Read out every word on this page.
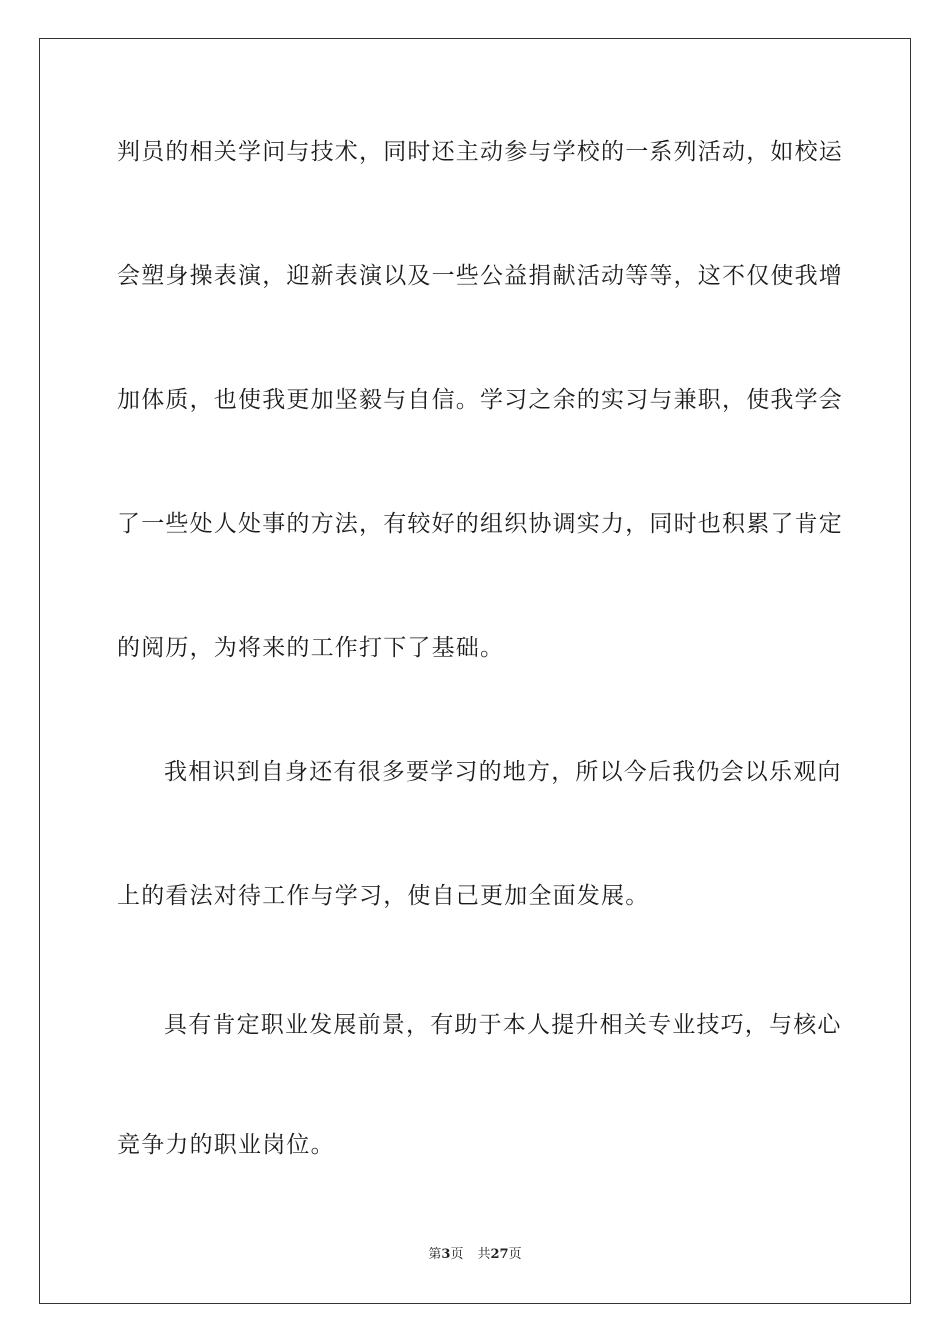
判员的相关学问与技术，同时还主动参与学校的一系列活动，如校运
会塑身操表演，迎新表演以及一些公益捐献活动等等，这不仅使我增
加体质，也使我更加坚毅与自信。学习之余的实习与兼职，使我学会
了一些处人处事的方法，有较好的组织协调实力，同时也积累了肯定
的阅历，为将来的工作打下了基础。
我相识到自身还有很多要学习的地方，所以今后我仍会以乐观向
上的看法对待工作与学习，使自己更加全面发展。
具有肯定职业发展前景，有助于本人提升相关专业技巧，与核心
竞争力的职业岗位。
第3页 共27页
